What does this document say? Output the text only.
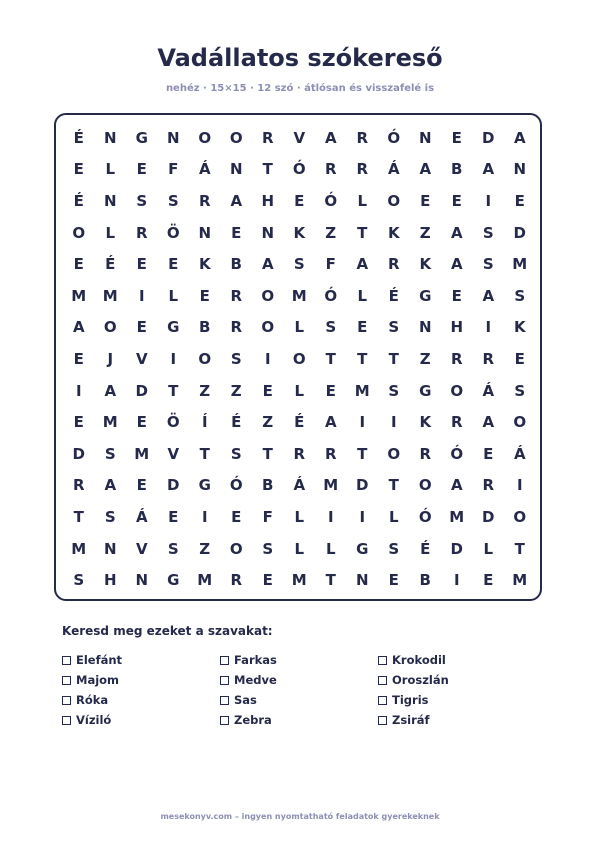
Vadállatos szókereső
nehéz · 15×15 · 12 szó · átlósan és visszafelé is
É	N	G	N	O	O	R	V	A	R	Ó	N	E	D	A
E	L	E	F	Á	N	T	Ó	R	R	Á	A	B	A	N
É	N	S	S	R	A	H	E	Ó	L	O	E	E	I	E
O	L	R	Ö	N	E	N	K	Z	T	K	Z	A	S	D
E	É	E	E	K	B	A	S	F	A	R	K	A	S	M
M	M	I	L	E	R	O	M	Ó	L	É	G	E	A	S
A	O	E	G	B	R	O	L	S	E	S	N	H	I	K
E	J	V	I	O	S	I	O	T	T	T	Z	R	R	E
I	A	D	T	Z	Z	E	L	E	M	S	G	O	Á	S
E	M	E	Ö	Í	É	Z	É	A	I	I	K	R	A	O
D	S	M	V	T	S	T	R	R	T	O	R	Ó	E	Á
R	A	E	D	G	Ó	B	Á	M	D	T	O	A	R	I
T	S	Á	E	I	E	F	L	I	I	L	Ó	M	D	O
M	N	V	S	Z	O	S	L	L	G	S	É	D	L	T
S	H	N	G	M	R	E	M	T	N	E	B	I	E	M
Keresd meg ezeket a szavakat:
Elefánt	Farkas	Krokodil
Majom	Medve	Oroszlán
Róka	Sas	Tigris
Víziló	Zebra	Zsiráf
mesekonyv.com – ingyen nyomtatható feladatok gyerekeknek
